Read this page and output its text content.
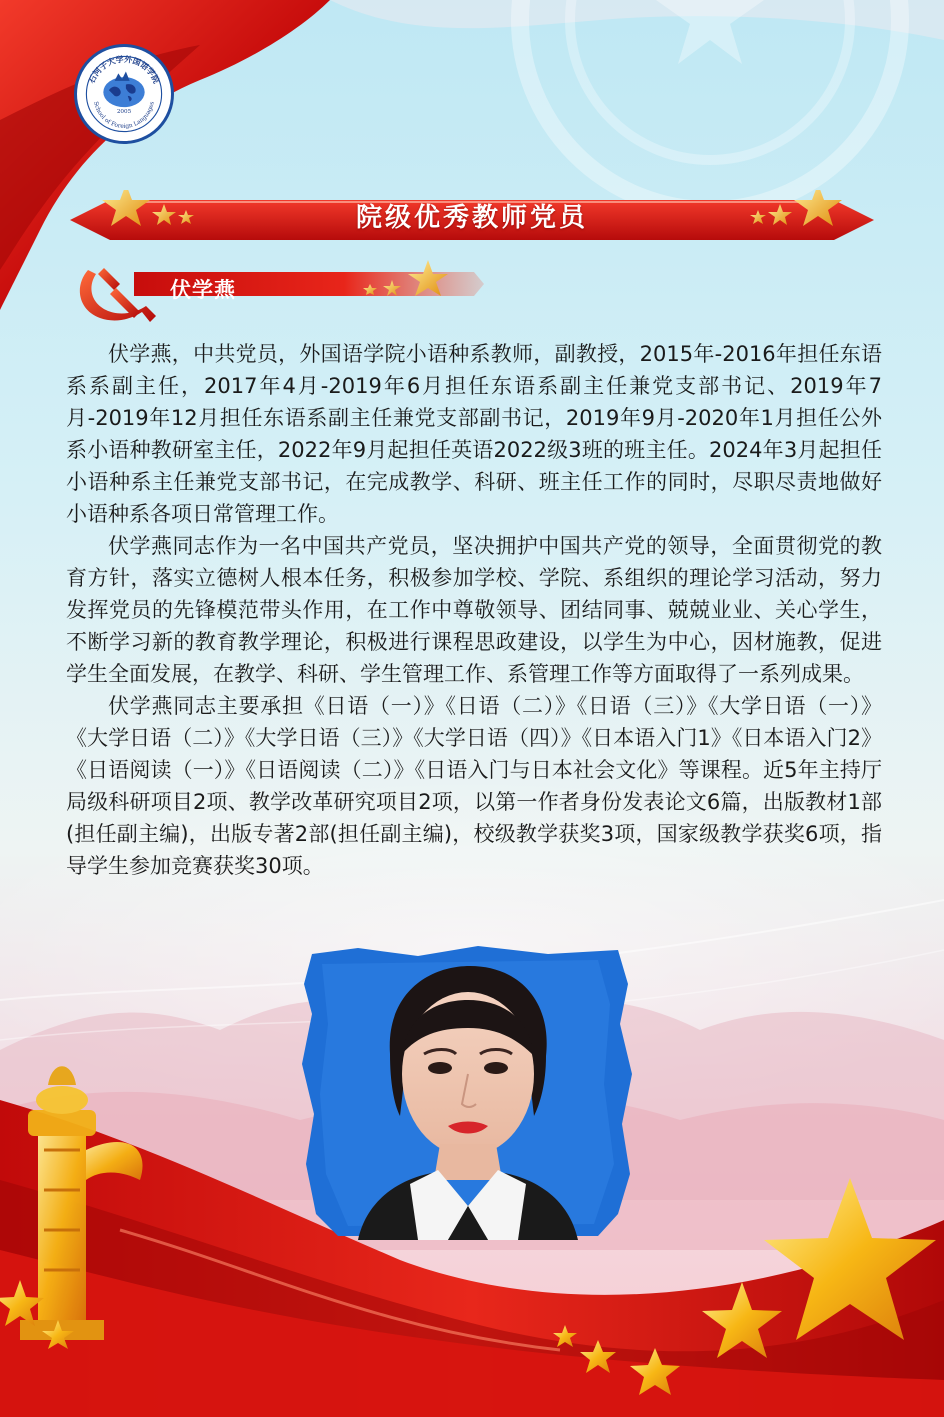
石河子大学外国语学院
School of Foreign Languages
2005
院级优秀教师党员
伏学燕

伏学燕，中共党员，外国语学院小语种系教师，副教授，2015年-2016年担任东语系系副主任，2017年4月-2019年6月担任东语系副主任兼党支部书记、2019年7月-2019年12月担任东语系副主任兼党支部副书记，2019年9月-2020年1月担任公外系小语种教研室主任，2022年9月起担任英语2022级3班的班主任。2024年3月起担任小语种系主任兼党支部书记，在完成教学、科研、班主任工作的同时，尽职尽责地做好小语种系各项日常管理工作。

伏学燕同志作为一名中国共产党员，坚决拥护中国共产党的领导，全面贯彻党的教育方针，落实立德树人根本任务，积极参加学校、学院、系组织的理论学习活动，努力发挥党员的先锋模范带头作用，在工作中尊敬领导、团结同事、兢兢业业、关心学生，不断学习新的教育教学理论，积极进行课程思政建设，以学生为中心，因材施教，促进学生全面发展，在教学、科研、学生管理工作、系管理工作等方面取得了一系列成果。

伏学燕同志主要承担《日语（一）》《日语（二）》《日语（三）》《大学日语（一）》《大学日语（二）》《大学日语（三）》《大学日语（四）》《日本语入门1》《日本语入门2》《日语阅读（一）》《日语阅读（二）》《日语入门与日本社会文化》等课程。近5年主持厅局级科研项目2项、教学改革研究项目2项，以第一作者身份发表论文6篇，出版教材1部(担任副主编)，出版专著2部(担任副主编)，校级教学获奖3项，国家级教学获奖6项，指导学生参加竞赛获奖30项。
